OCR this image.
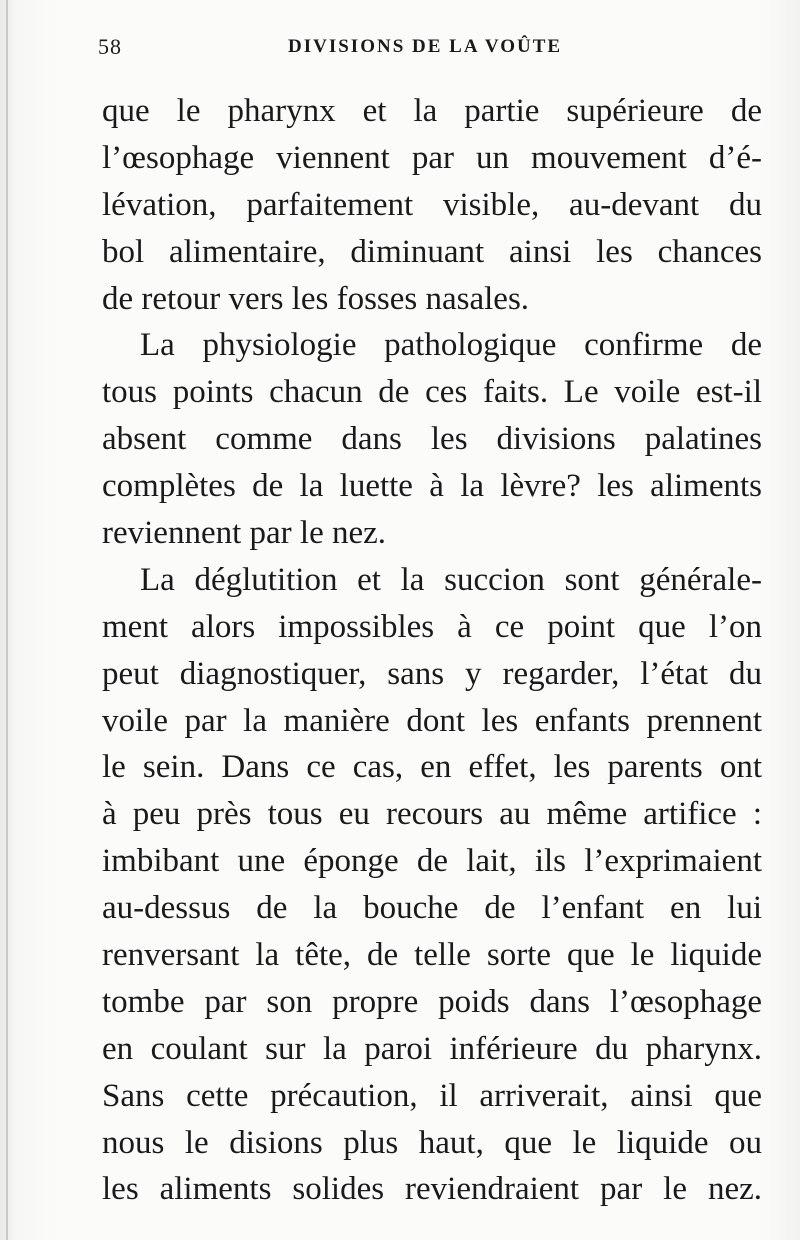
58	DIVISIONS DE LA VOÛTE
que le pharynx et la partie supérieure de
l’œsophage viennent par un mouvement d’é-
lévation, parfaitement visible, au-devant du
bol alimentaire, diminuant ainsi les chances
de retour vers les fosses nasales.
La physiologie pathologique confirme de
tous points chacun de ces faits. Le voile est-il
absent comme dans les divisions palatines
complètes de la luette à la lèvre? les aliments
reviennent par le nez.
La déglutition et la succion sont générale-
ment alors impossibles à ce point que l’on
peut diagnostiquer, sans y regarder, l’état du
voile par la manière dont les enfants prennent
le sein. Dans ce cas, en effet, les parents ont
à peu près tous eu recours au même artifice :
imbibant une éponge de lait, ils l’exprimaient
au-dessus de la bouche de l’enfant en lui
renversant la tête, de telle sorte que le liquide
tombe par son propre poids dans l’œsophage
en coulant sur la paroi inférieure du pharynx.
Sans cette précaution, il arriverait, ainsi que
nous le disions plus haut, que le liquide ou
les aliments solides reviendraient par le nez.
